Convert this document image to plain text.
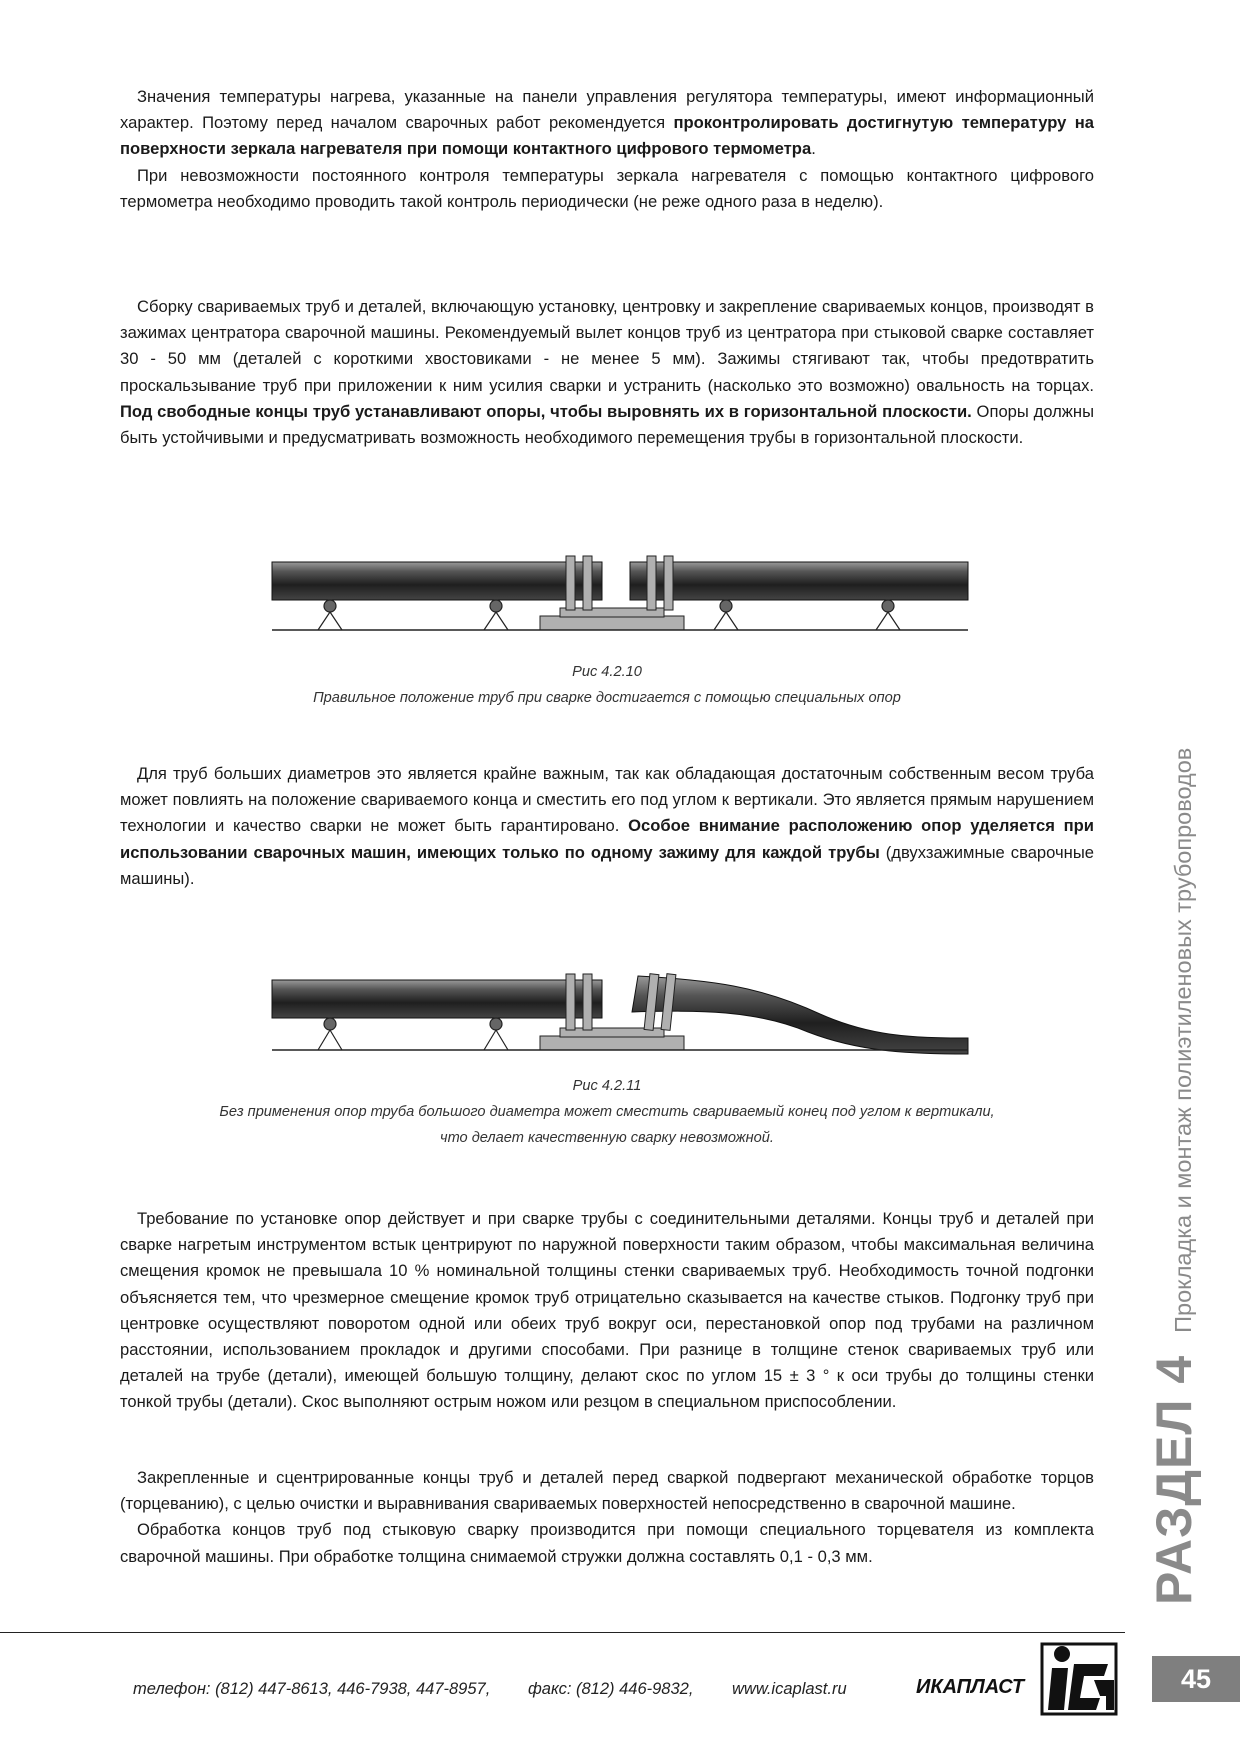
Значения температуры нагрева, указанные на панели управления регулятора температуры, имеют информационный характер. Поэтому перед началом сварочных работ рекомендуется проконтролировать достигнутую температуру на поверхности зеркала нагревателя при помощи контактного цифрового термометра.

При невозможности постоянного контроля температуры зеркала нагревателя с помощью контактного цифрового термометра необходимо проводить такой контроль периодически (не реже одного раза в неделю).

Сборку свариваемых труб и деталей, включающую установку, центровку и закрепление свариваемых концов, производят в зажимах центратора сварочной машины. Рекомендуемый вылет концов труб из центратора при стыковой сварке составляет 30 - 50 мм (деталей с короткими хвостовиками - не менее 5 мм). Зажимы стягивают так, чтобы предотвратить проскальзывание труб при приложении к ним усилия сварки и устранить (насколько это возможно) овальность на торцах. Под свободные концы труб устанавливают опоры, чтобы выровнять их в горизонтальной плоскости. Опоры должны быть устойчивыми и предусматривать возможность необходимого перемещения трубы в горизонтальной плоскости.

Рис 4.2.10
Правильное положение труб при сварке достигается с помощью специальных опор

Для труб больших диаметров это является крайне важным, так как обладающая достаточным собственным весом труба может повлиять на положение свариваемого конца и сместить его под углом к вертикали. Это является прямым нарушением технологии и качество сварки не может быть гарантировано. Особое внимание расположению опор уделяется при использовании сварочных машин, имеющих только по одному зажиму для каждой трубы (двухзажимные сварочные машины).

Рис 4.2.11
Без применения опор труба большого диаметра может сместить свариваемый конец под углом к вертикали,
что делает качественную сварку невозможной.

Требование по установке опор действует и при сварке трубы с соединительными деталями. Концы труб и деталей при сварке нагретым инструментом встык центрируют по наружной поверхности таким образом, чтобы максимальная величина смещения кромок не превышала 10 % номинальной толщины стенки свариваемых труб. Необходимость точной подгонки объясняется тем, что чрезмерное смещение кромок труб отрицательно сказывается на качестве стыков. Подгонку труб при центровке осуществляют поворотом одной или обеих труб вокруг оси, перестановкой опор под трубами на различном расстоянии, использованием прокладок и другими способами. При разнице в толщине стенок свариваемых труб или деталей на трубе (детали), имеющей большую толщину, делают скос по углом 15 ± 3 ° к оси трубы до толщины стенки тонкой трубы (детали). Скос выполняют острым ножом или резцом в специальном приспособлении.

Закрепленные и сцентрированные концы труб и деталей перед сваркой подвергают механической обработке торцов (торцеванию), с целью очистки и выравнивания свариваемых поверхностей непосредственно в сварочной машине.

Обработка концов труб под стыковую сварку производится при помощи специального торцевателя из комплекта сварочной машины. При обработке толщина снимаемой стружки должна составлять 0,1 - 0,3 мм.	РАЗДЕЛ 4Прокладка и монтаж полиэтиленовых трубопроводов
телефон: (812) 447-8613, 446-7938, 447-8957, факс: (812) 446-9832, www.icaplast.ru	ИКАПЛАСТ	45
